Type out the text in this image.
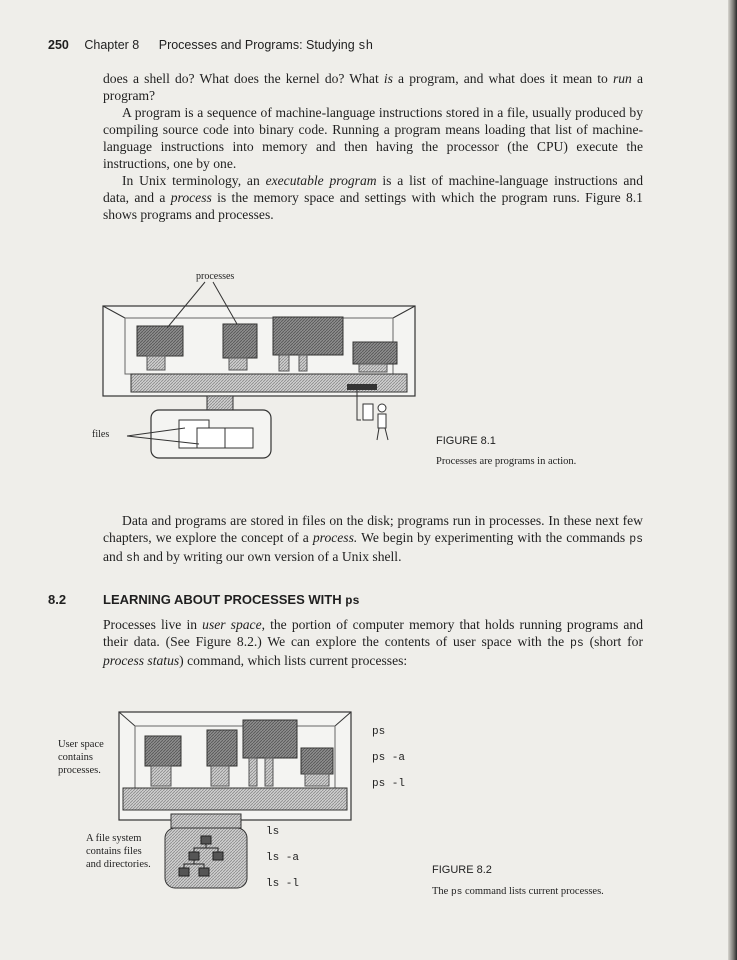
250 Chapter 8 Processes and Programs: Studying sh

does a shell do? What does the kernel do? What is a program, and what does it mean to run a program?

A program is a sequence of machine-language instructions stored in a file, usually produced by compiling source code into binary code. Running a program means loading that list of machine-language instructions into memory and then having the processor (the CPU) execute the instructions, one by one.

In Unix terminology, an executable program is a list of machine-language instructions and data, and a process is the memory space and settings with which the program runs. Figure 8.1 shows programs and processes.

processes
files
FIGURE 8.1
Processes are programs in action.

Data and programs are stored in files on the disk; programs run in processes. In these next few chapters, we explore the concept of a process. We begin by experimenting with the commands ps and sh and by writing our own version of a Unix shell.

8.2	LEARNING ABOUT PROCESSES WITH ps

Processes live in user space, the portion of computer memory that holds running programs and their data. (See Figure 8.2.) We can explore the contents of user space with the ps (short for process status) command, which lists current processes:

User space contains processes.
A file system contains files and directories.
ps
ps -a
ps -l
ls
ls -a
ls -l
FIGURE 8.2
The ps command lists current processes.
